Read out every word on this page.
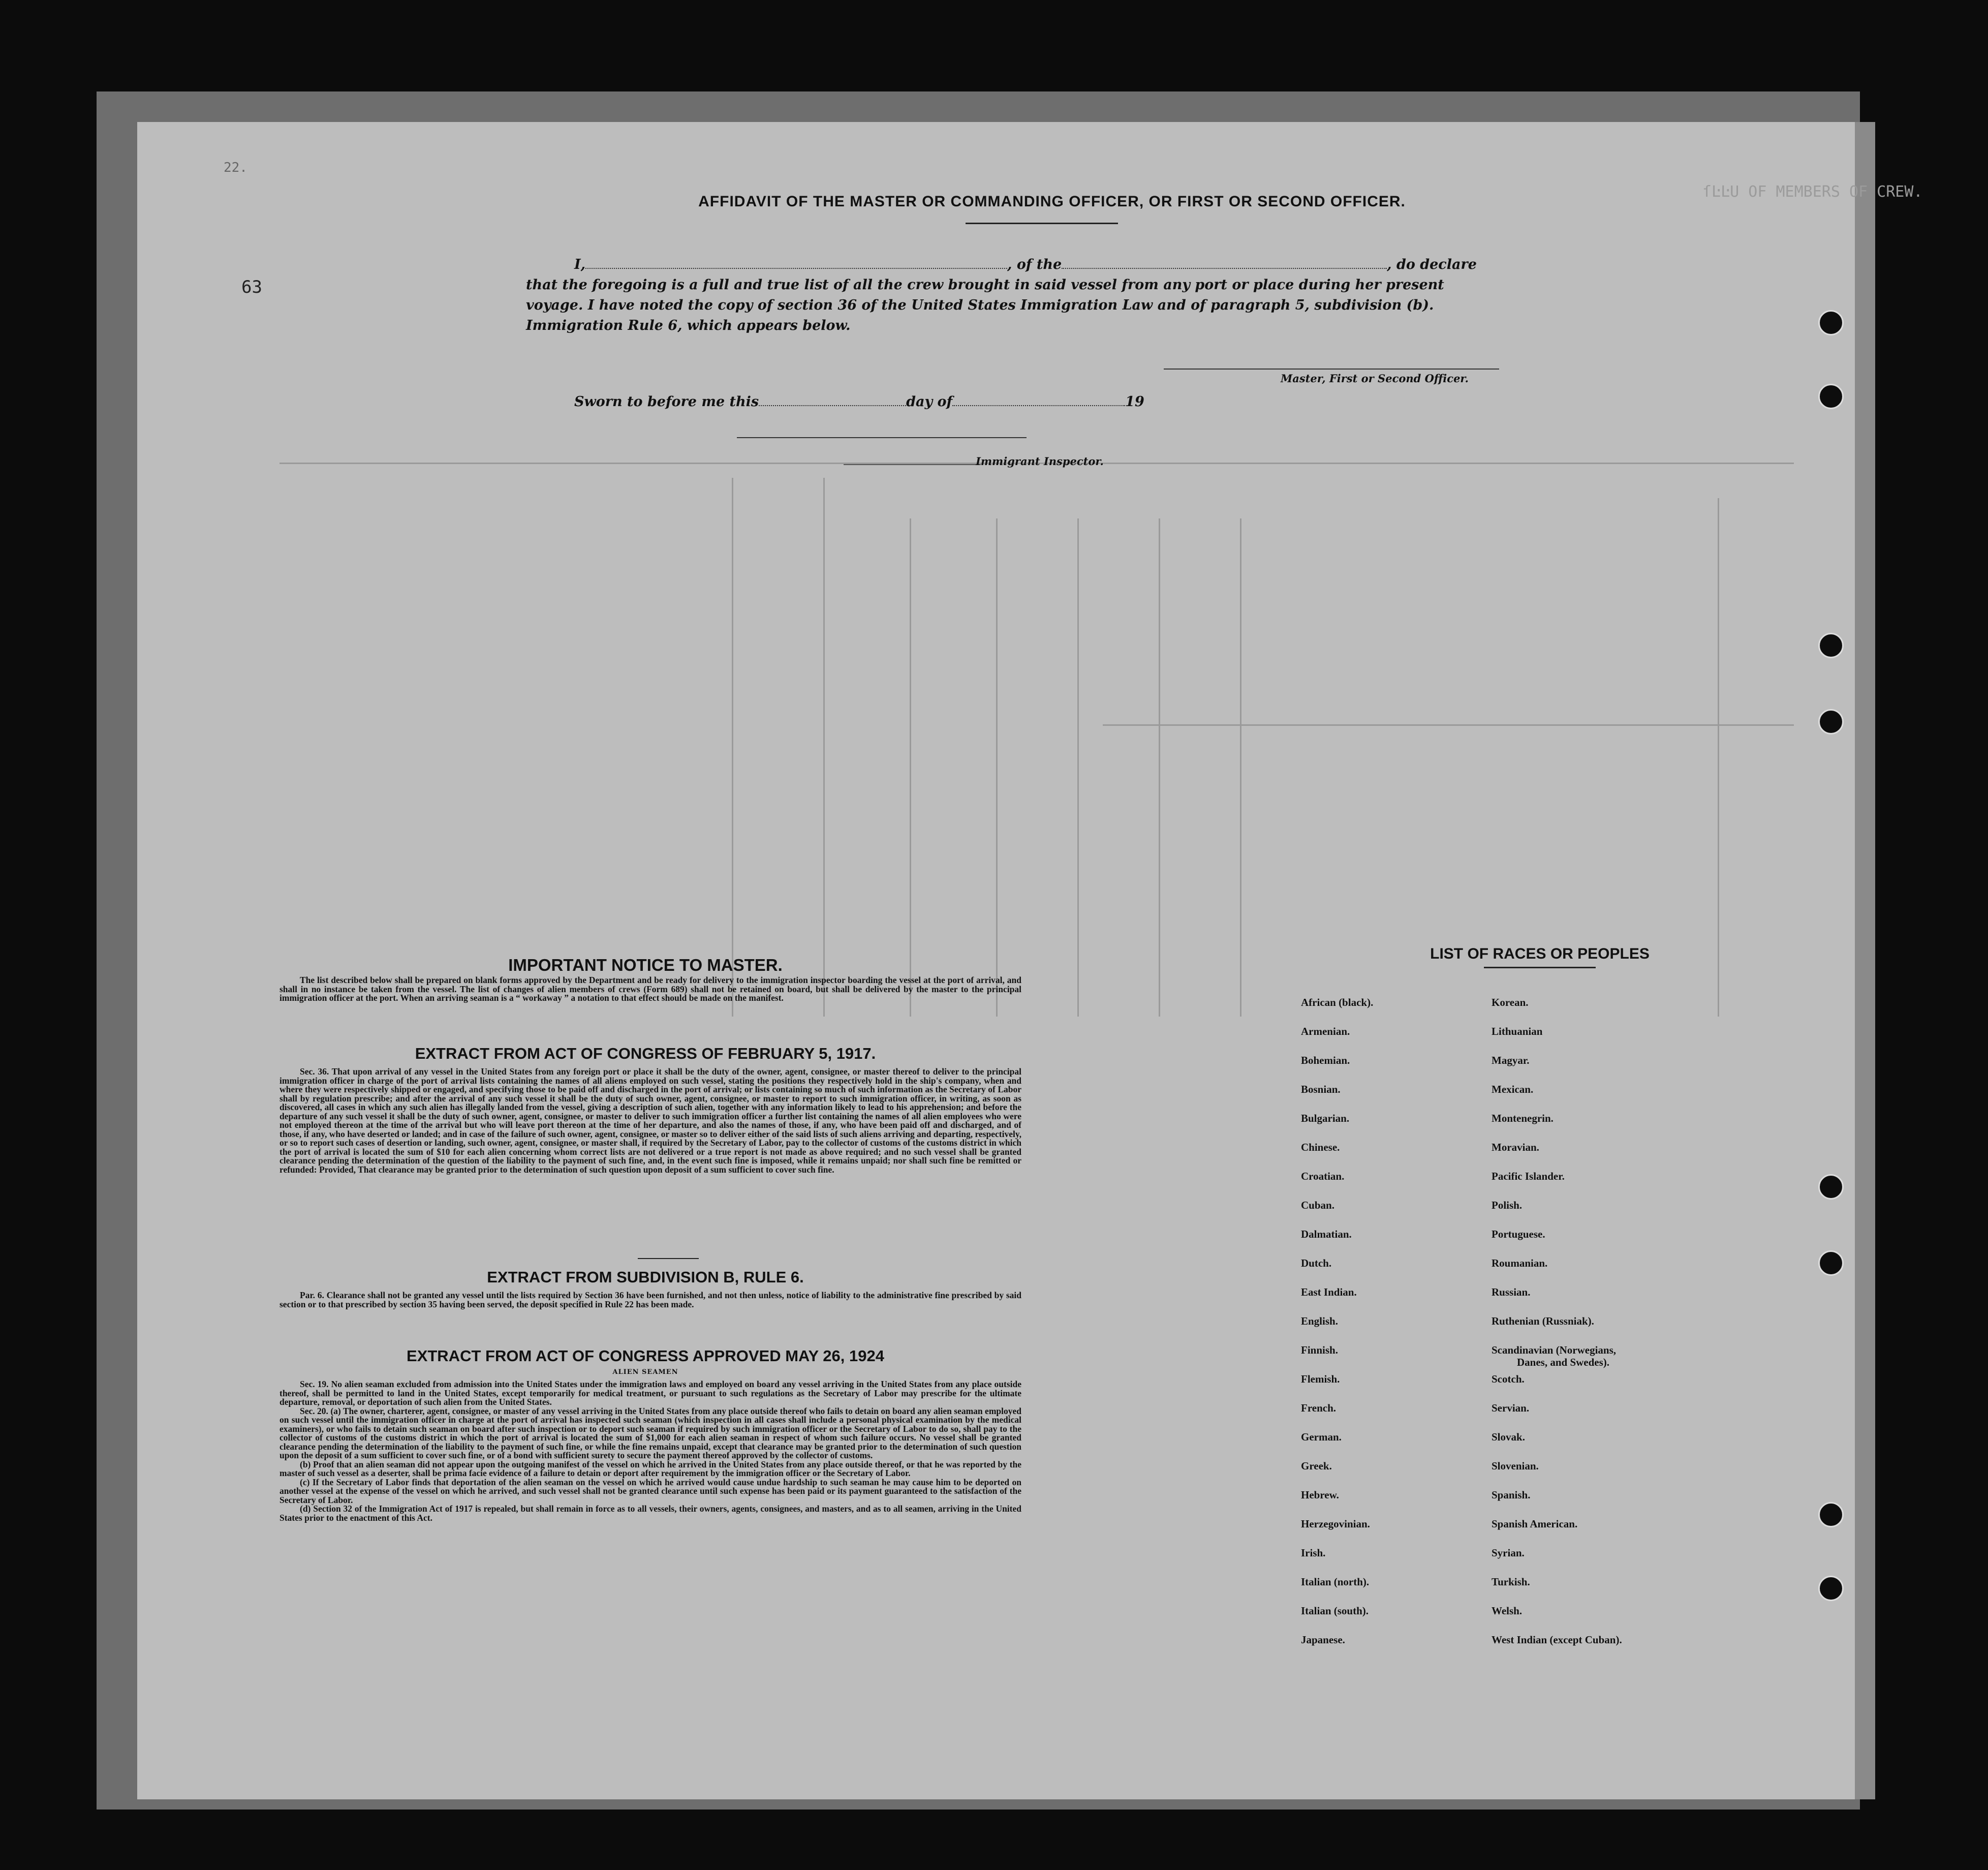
22.
63
ſĿĿU OF MEMBERS OF CREW.
AFFIDAVIT OF THE MASTER OR COMMANDING OFFICER, OR FIRST OR SECOND OFFICER.
I,	, of the	, do declare
that the foregoing is a full and true list of all the crew brought in said vessel from any port or place during her present
voyage. I have noted the copy of section 36 of the United States Immigration Law and of paragraph 5, subdivision (b).
Immigration Rule 6, which appears below.
Master, First or Second Officer.
Sworn to before me this	day of	19
Immigrant Inspector.
IMPORTANT NOTICE TO MASTER.

The list described below shall be prepared on blank forms approved by the Department and be ready for delivery to the immigration inspector boarding the vessel at the port of arrival, and shall in no instance be taken from the vessel. The list of changes of alien members of crews (Form 689) shall not be retained on board, but shall be delivered by the master to the principal immigration officer at the port. When an arriving seaman is a “ workaway ” a notation to that effect should be made on the manifest.

EXTRACT FROM ACT OF CONGRESS OF FEBRUARY 5, 1917.

Sec. 36. That upon arrival of any vessel in the United States from any foreign port or place it shall be the duty of the owner, agent, consignee, or master thereof to deliver to the principal immigration officer in charge of the port of arrival lists containing the names of all aliens employed on such vessel, stating the positions they respectively hold in the ship's company, when and where they were respectively shipped or engaged, and specifying those to be paid off and discharged in the port of arrival; or lists containing so much of such information as the Secretary of Labor shall by regulation prescribe; and after the arrival of any such vessel it shall be the duty of such owner, agent, consignee, or master to report to such immigration officer, in writing, as soon as discovered, all cases in which any such alien has illegally landed from the vessel, giving a description of such alien, together with any information likely to lead to his apprehension; and before the departure of any such vessel it shall be the duty of such owner, agent, consignee, or master to deliver to such immigration officer a further list containing the names of all alien employees who were not employed thereon at the time of the arrival but who will leave port thereon at the time of her departure, and also the names of those, if any, who have been paid off and discharged, and of those, if any, who have deserted or landed; and in case of the failure of such owner, agent, consignee, or master so to deliver either of the said lists of such aliens arriving and departing, respectively, or so to report such cases of desertion or landing, such owner, agent, consignee, or master shall, if required by the Secretary of Labor, pay to the collector of customs of the customs district in which the port of arrival is located the sum of $10 for each alien concerning whom correct lists are not delivered or a true report is not made as above required; and no such vessel shall be granted clearance pending the determination of the question of the liability to the payment of such fine, and, in the event such fine is imposed, while it remains unpaid; nor shall such fine be remitted or refunded: Provided, That clearance may be granted prior to the determination of such question upon deposit of a sum sufficient to cover such fine.

EXTRACT FROM SUBDIVISION B, RULE 6.

Par. 6. Clearance shall not be granted any vessel until the lists required by Section 36 have been furnished, and not then unless, notice of liability to the administrative fine prescribed by said section or to that prescribed by section 35 having been served, the deposit specified in Rule 22 has been made.

EXTRACT FROM ACT OF CONGRESS APPROVED MAY 26, 1924
ALIEN SEAMEN

Sec. 19. No alien seaman excluded from admission into the United States under the immigration laws and employed on board any vessel arriving in the United States from any place outside thereof, shall be permitted to land in the United States, except temporarily for medical treatment, or pursuant to such regulations as the Secretary of Labor may prescribe for the ultimate departure, removal, or deportation of such alien from the United States.

Sec. 20. (a) The owner, charterer, agent, consignee, or master of any vessel arriving in the United States from any place outside thereof who fails to detain on board any alien seaman employed on such vessel until the immigration officer in charge at the port of arrival has inspected such seaman (which inspection in all cases shall include a personal physical examination by the medical examiners), or who fails to detain such seaman on board after such inspection or to deport such seaman if required by such immigration officer or the Secretary of Labor to do so, shall pay to the collector of customs of the customs district in which the port of arrival is located the sum of $1,000 for each alien seaman in respect of whom such failure occurs. No vessel shall be granted clearance pending the determination of the liability to the payment of such fine, or while the fine remains unpaid, except that clearance may be granted prior to the determination of such question upon the deposit of a sum sufficient to cover such fine, or of a bond with sufficient surety to secure the payment thereof approved by the collector of customs.

(b) Proof that an alien seaman did not appear upon the outgoing manifest of the vessel on which he arrived in the United States from any place outside thereof, or that he was reported by the master of such vessel as a deserter, shall be prima facie evidence of a failure to detain or deport after requirement by the immigration officer or the Secretary of Labor.

(c) If the Secretary of Labor finds that deportation of the alien seaman on the vessel on which he arrived would cause undue hardship to such seaman he may cause him to be deported on another vessel at the expense of the vessel on which he arrived, and such vessel shall not be granted clearance until such expense has been paid or its payment guaranteed to the satisfaction of the Secretary of Labor.

(d) Section 32 of the Immigration Act of 1917 is repealed, but shall remain in force as to all vessels, their owners, agents, consignees, and masters, and as to all seamen, arriving in the United States prior to the enactment of this Act.

LIST OF RACES OR PEOPLES
African (black).
Armenian.
Bohemian.
Bosnian.
Bulgarian.
Chinese.
Croatian.
Cuban.
Dalmatian.
Dutch.
East Indian.
English.
Finnish.
Flemish.
French.
German.
Greek.
Hebrew.
Herzegovinian.
Irish.
Italian (north).
Italian (south).
Japanese.
Korean.
Lithuanian
Magyar.
Mexican.
Montenegrin.
Moravian.
Pacific Islander.
Polish.
Portuguese.
Roumanian.
Russian.
Ruthenian (Russniak).
Scandinavian (Norwegians,
Danes, and Swedes).
Scotch.
Servian.
Slovak.
Slovenian.
Spanish.
Spanish American.
Syrian.
Turkish.
Welsh.
West Indian (except Cuban).
